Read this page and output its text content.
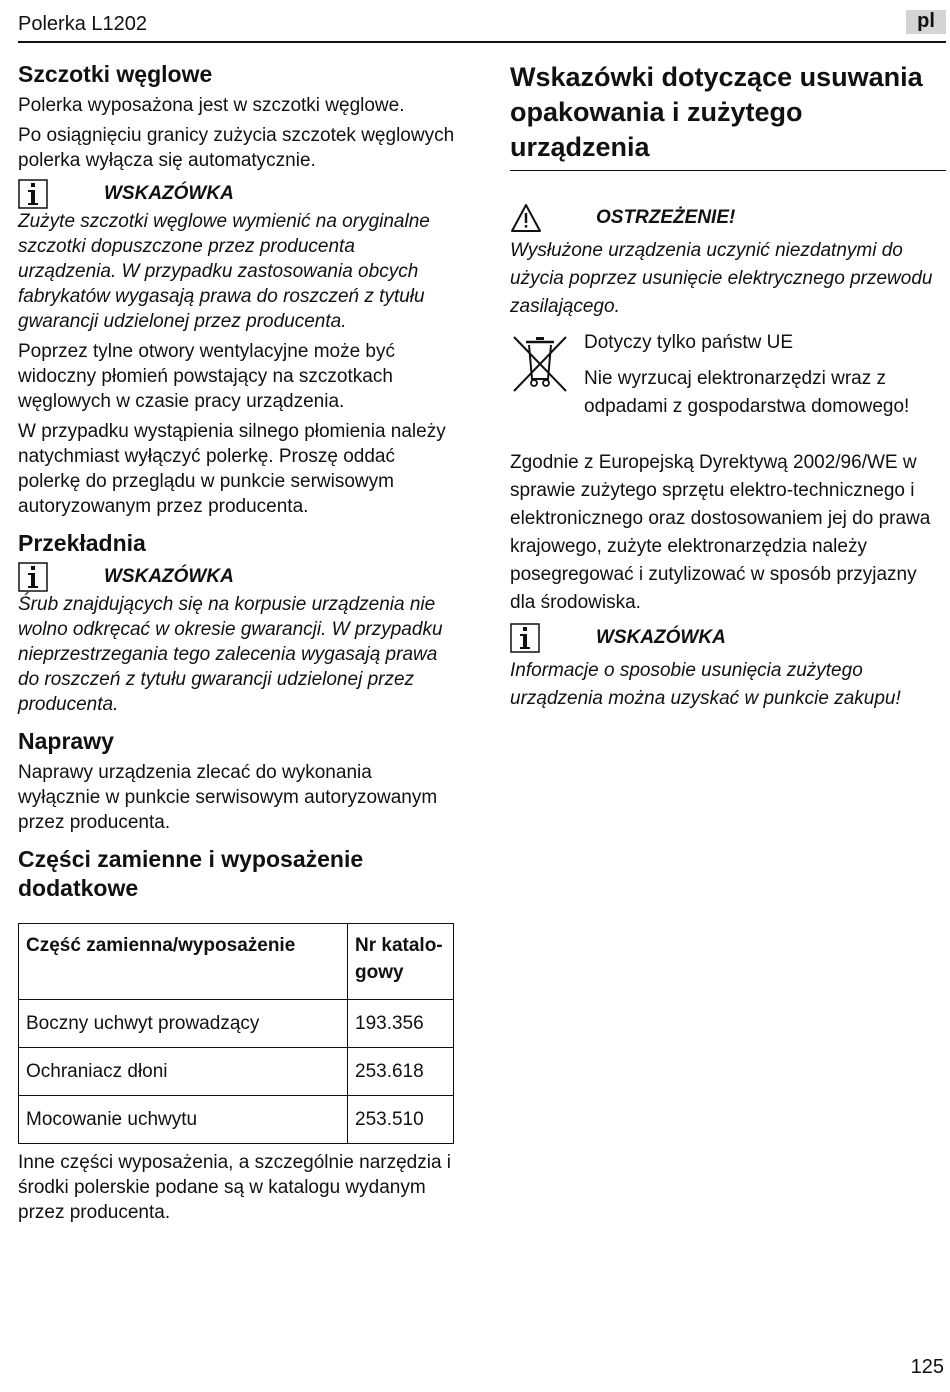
Polerka L1202	pl
Szczotki węglowe

Polerka wyposażona jest w szczotki węglowe.

Po osiągnięciu granicy zużycia szczotek węglowych polerka wyłącza się automatycznie.

WSKAZÓWKA

Zużyte szczotki węglowe wymienić na oryginalne szczotki dopuszczone przez producenta urządzenia. W przypadku zastosowania obcych fabrykatów wygasają prawa do roszczeń z tytułu gwarancji udzielonej przez producenta.

Poprzez tylne otwory wentylacyjne może być widoczny płomień powstający na szczotkach węglowych w czasie pracy urządzenia.

W przypadku wystąpienia silnego płomienia należy natychmiast wyłączyć polerkę. Proszę oddać polerkę do przeglądu w punkcie serwisowym autoryzowanym przez producenta.

Przekładnia
WSKAZÓWKA

Śrub znajdujących się na korpusie urządzenia nie wolno odkręcać w okresie gwarancji. W przypadku nieprzestrzegania tego zalecenia wygasają prawa do roszczeń z tytułu gwarancji udzielonej przez producenta.

Naprawy

Naprawy urządzenia zlecać do wykonania wyłącznie w punkcie serwisowym autoryzowanym przez producenta.

Części zamienne i wyposażenie dodatkowe
Część zamienna/wyposażenie	Nr katalo-gowy
Boczny uchwyt prowadzący	193.356
Ochraniacz dłoni	253.618
Mocowanie uchwytu	253.510

Inne części wyposażenia, a szczególnie narzędzia i środki polerskie podane są w katalogu wydanym przez producenta.

Wskazówki dotyczące usuwania opakowania i zużytego urządzenia
OSTRZEŻENIE!

Wysłużone urządzenia uczynić niezdatnymi do użycia poprzez usunięcie elektrycznego przewodu zasilającego.

Dotyczy tylko państw UE

Nie wyrzucaj elektronarzędzi wraz z odpadami z gospodarstwa domowego!

Zgodnie z Europejską Dyrektywą 2002/96/WE w sprawie zużytego sprzętu elektro-technicznego i elektronicznego oraz dostosowaniem jej do prawa krajowego, zużyte elektronarzędzia należy posegregować i zutylizować w sposób przyjazny dla środowiska.

WSKAZÓWKA

Informacje o sposobie usunięcia zużytego urządzenia można uzyskać w punkcie zakupu!

125
